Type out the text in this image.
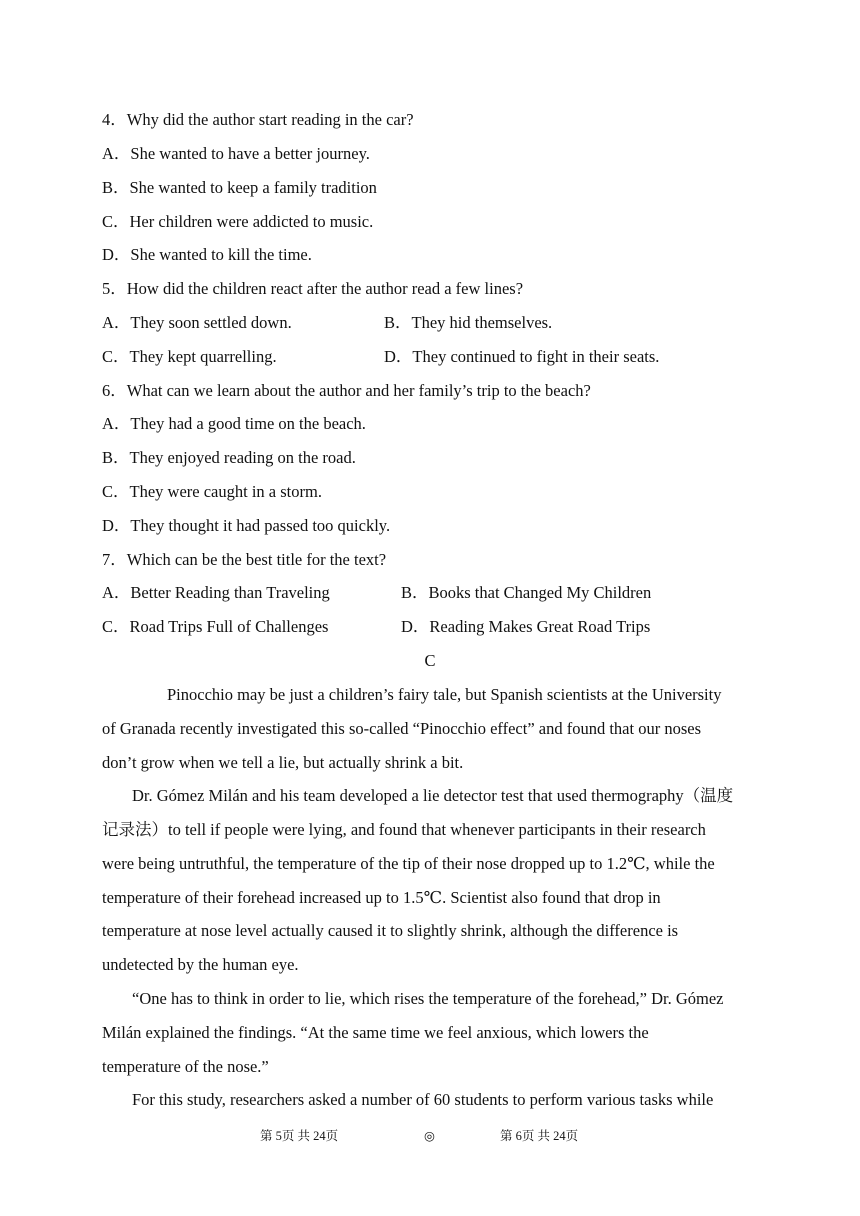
4．Why did the author start reading in the car?
A．She wanted to have a better journey.
B．She wanted to keep a family tradition
C．Her children were addicted to music.
D．She wanted to kill the time.
5．How did the children react after the author read a few lines?
A．They soon settled down.	B．They hid themselves.
C．They kept quarrelling.	D．They continued to fight in their seats.
6．What can we learn about the author and her family’s trip to the beach?
A．They had a good time on the beach.
B．They enjoyed reading on the road.
C．They were caught in a storm.
D．They thought it had passed too quickly.
7．Which can be the best title for the text?
A．Better Reading than Traveling	B．Books that Changed My Children
C．Road Trips Full of Challenges	D．Reading Makes Great Road Trips
C
Pinocchio may be just a children’s fairy tale, but Spanish scientists at the University
of Granada recently investigated this so-called “Pinocchio effect” and found that our noses
don’t grow when we tell a lie, but actually shrink a bit.
Dr. Gómez Milán and his team developed a lie detector test that used thermography（温度
记录法）to tell if people were lying, and found that whenever participants in their research
were being untruthful, the temperature of the tip of their nose dropped up to 1.2℃, while the
temperature of their forehead increased up to 1.5℃. Scientist also found that drop in
temperature at nose level actually caused it to slightly shrink, although the difference is
undetected by the human eye.
“One has to think in order to lie, which rises the temperature of the forehead,” Dr. Gómez
Milán explained the findings. “At the same time we feel anxious, which lowers the
temperature of the nose.”
For this study, researchers asked a number of 60 students to perform various tasks while
第 5页 共 24页	◎	第 6页 共 24页
